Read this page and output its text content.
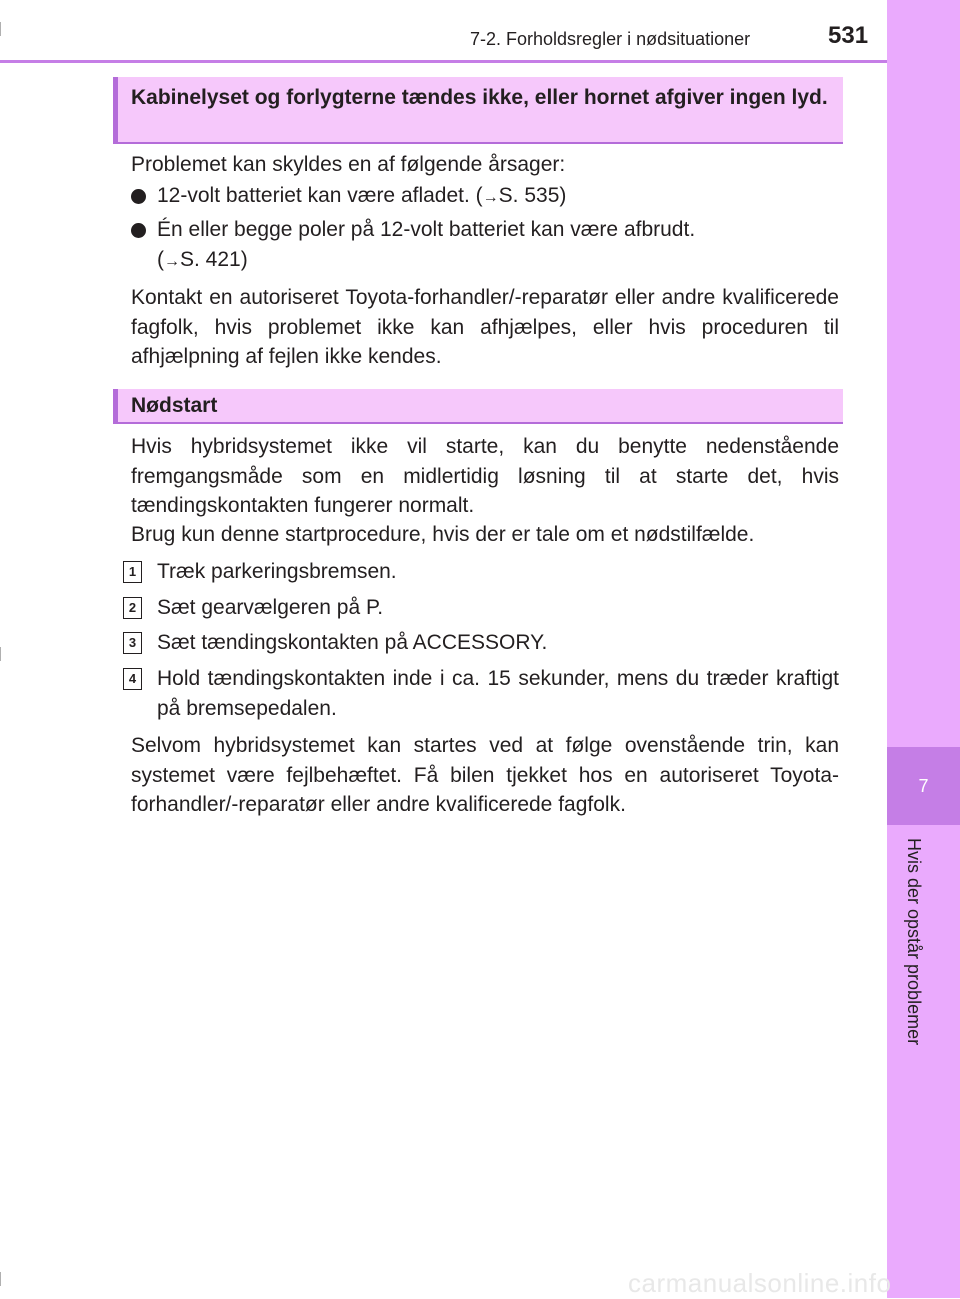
7
Hvis der opstår problemer
7-2. Forholdsregler i nødsituationer	531
Kabinelyset og forlygterne tændes ikke, eller hornet afgiver ingen lyd.
Problemet kan skyldes en af følgende årsager:
12-volt batteriet kan være afladet. (→S. 535)
Én eller begge poler på 12-volt batteriet kan være afbrudt.
(→S. 421)
Kontakt en autoriseret Toyota-forhandler/-reparatør eller andre kvalificerede fagfolk, hvis problemet ikke kan afhjælpes, eller hvis proceduren til afhjælpning af fejlen ikke kendes.
Nødstart
Hvis hybridsystemet ikke vil starte, kan du benytte nedenstående fremgangsmåde som en midlertidig løsning til at starte det, hvis tændingskontakten fungerer normalt.
Brug kun denne startprocedure, hvis der er tale om et nødstilfælde.
1 Træk parkeringsbremsen.
2 Sæt gearvælgeren på P.
3 Sæt tændingskontakten på ACCESSORY.
4 Hold tændingskontakten inde i ca. 15 sekunder, mens du træder kraftigt på bremsepedalen.
Selvom hybridsystemet kan startes ved at følge ovenstående trin, kan systemet være fejlbehæftet. Få bilen tjekket hos en autoriseret Toyota-forhandler/-reparatør eller andre kvalificerede fagfolk.
carmanualsonline.info
